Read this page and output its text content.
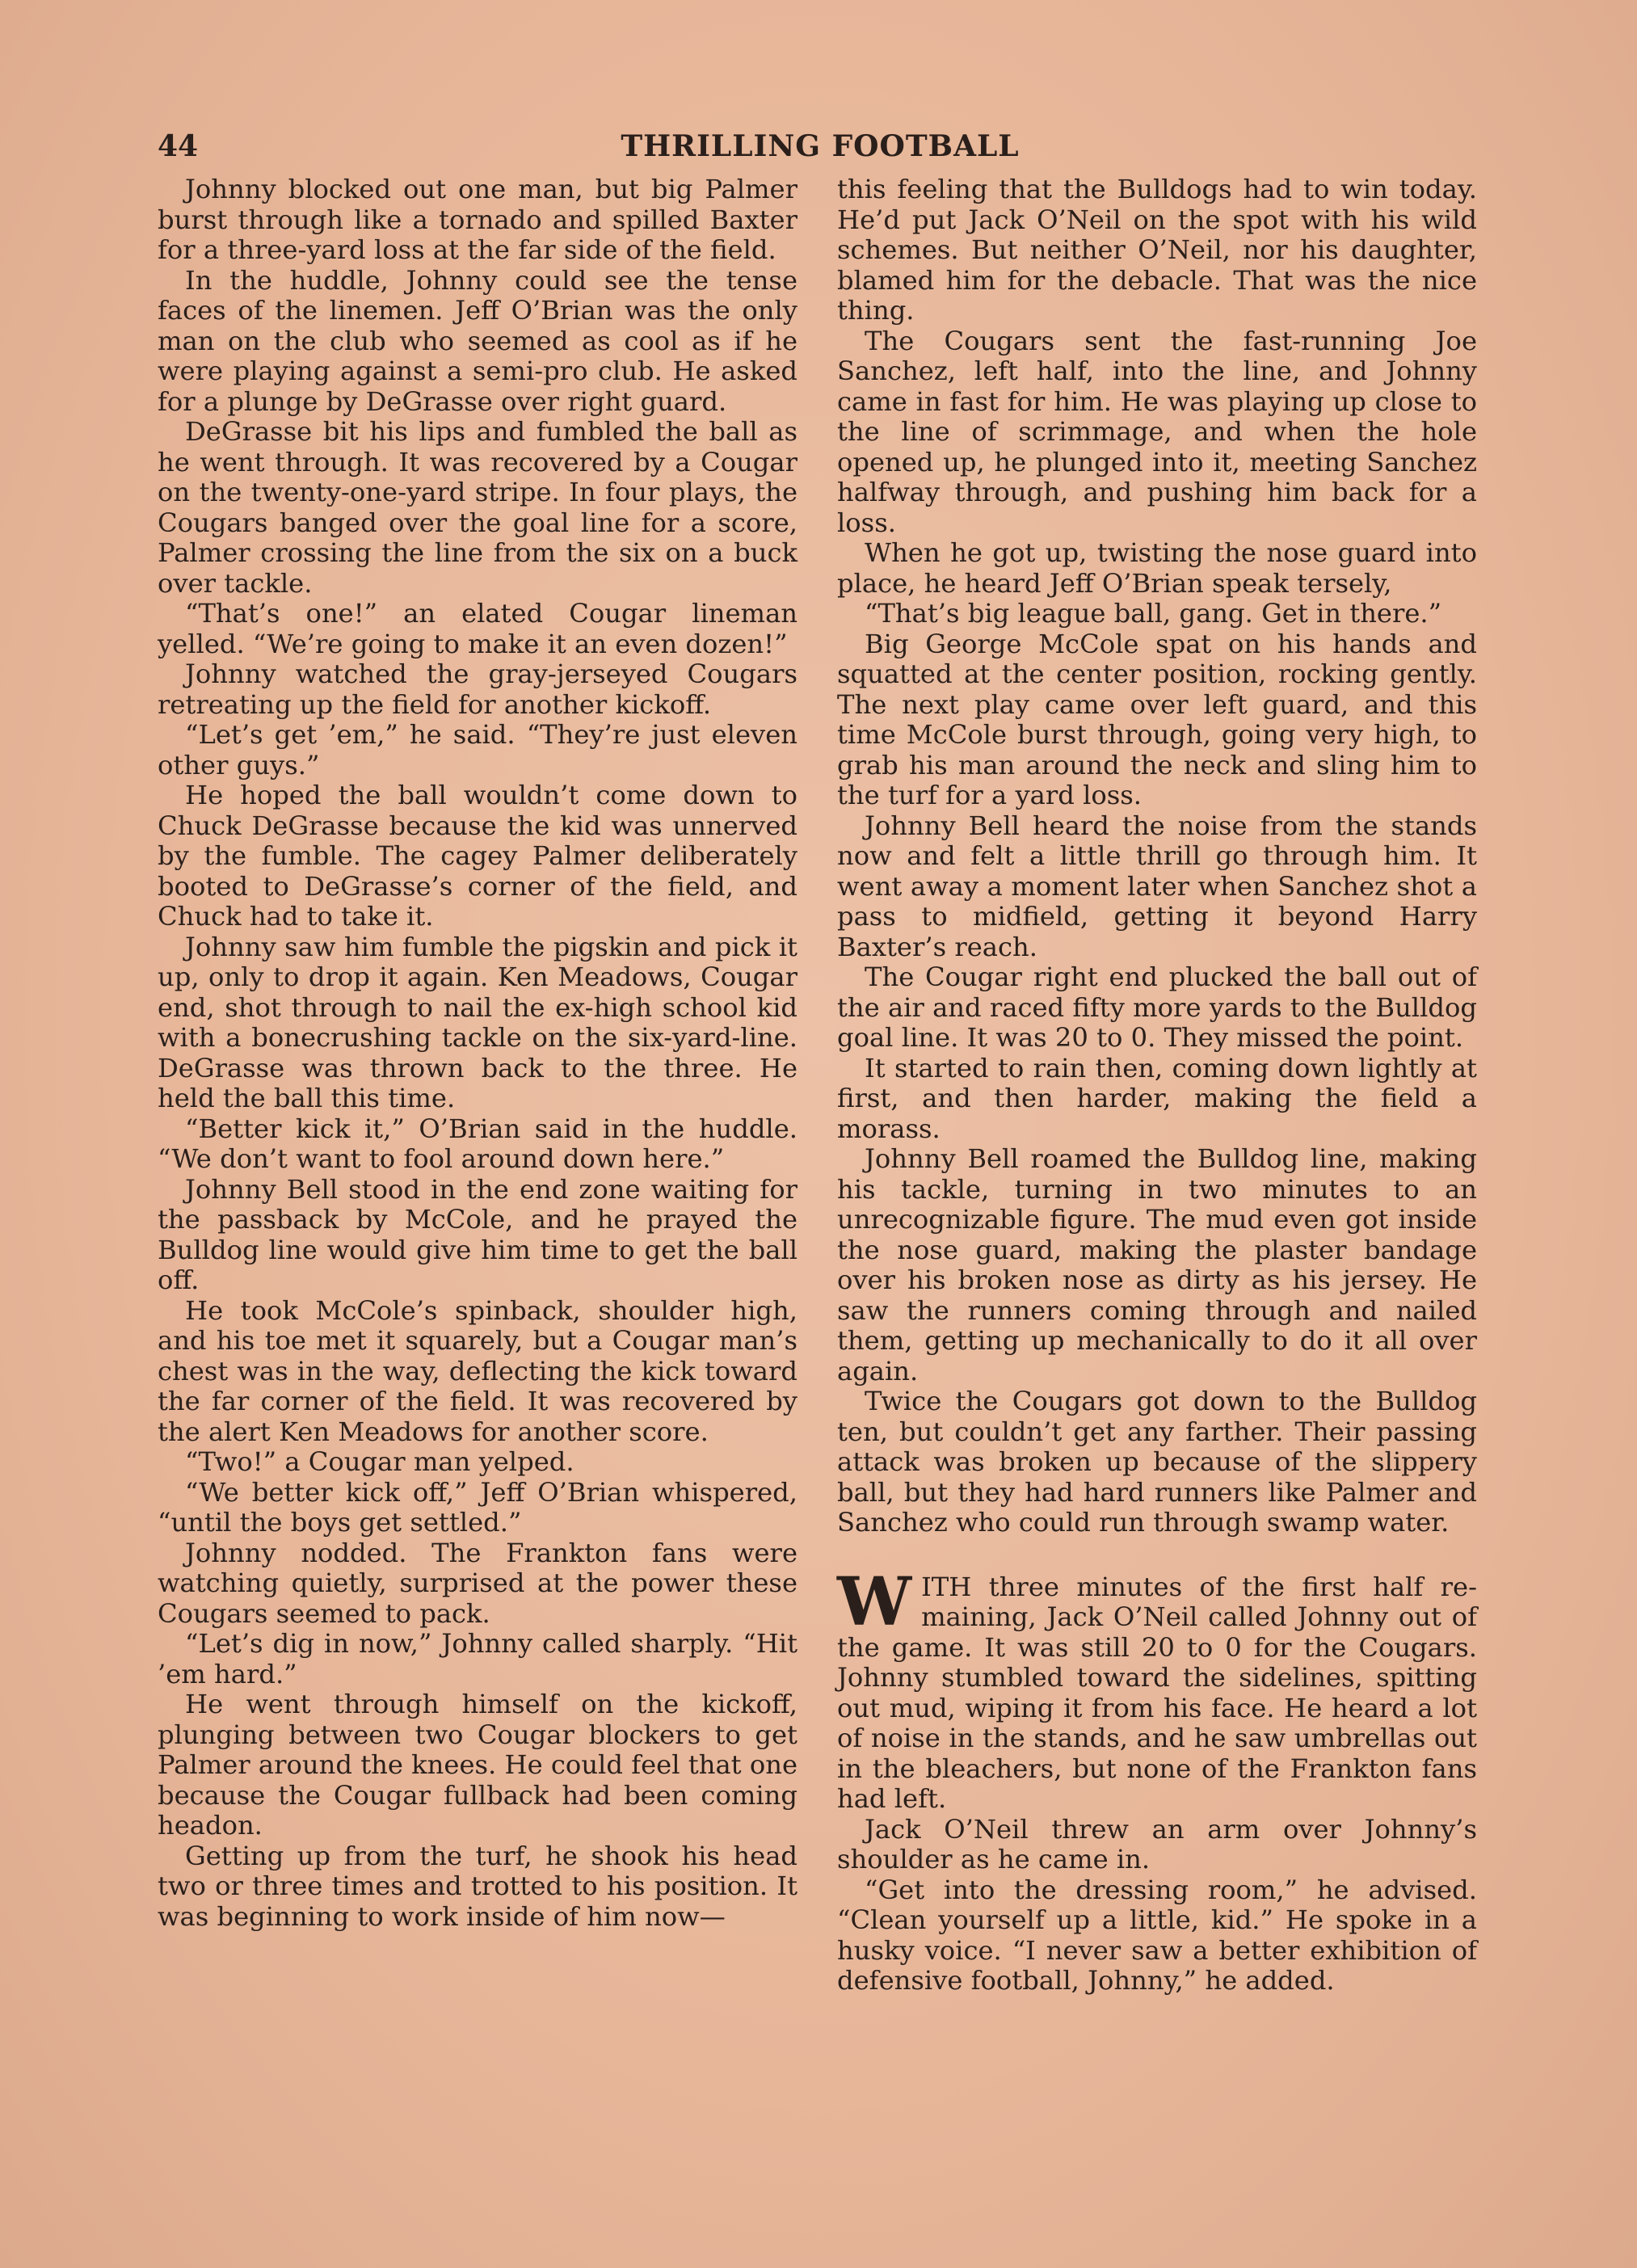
44	THRILLING FOOTBALL

Johnny blocked out one man, but big Palmer burst through like a tornado and spilled Baxter for a three-yard loss at the far side of the field.

In the huddle, Johnny could see the tense faces of the linemen. Jeff O’Brian was the only man on the club who seemed as cool as if he were playing against a semi-pro club. He asked for a plunge by DeGrasse over right guard.

DeGrasse bit his lips and fumbled the ball as he went through. It was recovered by a Cougar on the twenty-one-yard stripe. In four plays, the Cougars banged over the goal line for a score, Palmer crossing the line from the six on a buck over tackle.

“That’s one!” an elated Cougar lineman yelled. “We’re going to make it an even dozen!”

Johnny watched the gray-jerseyed Cougars retreating up the field for another kickoff.

“Let’s get ’em,” he said. “They’re just eleven other guys.”

He hoped the ball wouldn’t come down to Chuck DeGrasse because the kid was unnerved by the fumble. The cagey Palmer deliberately booted to DeGrasse’s corner of the field, and Chuck had to take it.

Johnny saw him fumble the pigskin and pick it up, only to drop it again. Ken Meadows, Cougar end, shot through to nail the ex-high school kid with a bonecrushing tackle on the six-yard-line. DeGrasse was thrown back to the three. He held the ball this time.

“Better kick it,” O’Brian said in the huddle. “We don’t want to fool around down here.”

Johnny Bell stood in the end zone waiting for the passback by McCole, and he prayed the Bulldog line would give him time to get the ball off.

He took McCole’s spinback, shoulder high, and his toe met it squarely, but a Cougar man’s chest was in the way, deflecting the kick toward the far corner of the field. It was recovered by the alert Ken Meadows for another score.

“Two!” a Cougar man yelped.

“We better kick off,” Jeff O’Brian whispered, “until the boys get settled.”

Johnny nodded. The Frankton fans were watching quietly, surprised at the power these Cougars seemed to pack.

“Let’s dig in now,” Johnny called sharply. “Hit ’em hard.”

He went through himself on the kickoff, plunging between two Cougar blockers to get Palmer around the knees. He could feel that one because the Cougar fullback had been coming headon.

Getting up from the turf, he shook his head two or three times and trotted to his position. It was beginning to work inside of him now—

this feeling that the Bulldogs had to win today. He’d put Jack O’Neil on the spot with his wild schemes. But neither O’Neil, nor his daughter, blamed him for the debacle. That was the nice thing.

The Cougars sent the fast-running Joe Sanchez, left half, into the line, and Johnny came in fast for him. He was playing up close to the line of scrimmage, and when the hole opened up, he plunged into it, meeting Sanchez halfway through, and pushing him back for a loss.

When he got up, twisting the nose guard into place, he heard Jeff O’Brian speak tersely,

“That’s big league ball, gang. Get in there.”

Big George McCole spat on his hands and squatted at the center position, rocking gently. The next play came over left guard, and this time McCole burst through, going very high, to grab his man around the neck and sling him to the turf for a yard loss.

Johnny Bell heard the noise from the stands now and felt a little thrill go through him. It went away a moment later when Sanchez shot a pass to midfield, getting it beyond Harry Baxter’s reach.

The Cougar right end plucked the ball out of the air and raced fifty more yards to the Bulldog goal line. It was 20 to 0. They missed the point.

It started to rain then, coming down lightly at first, and then harder, making the field a morass.

Johnny Bell roamed the Bulldog line, making his tackle, turning in two minutes to an unrecognizable figure. The mud even got inside the nose guard, making the plaster bandage over his broken nose as dirty as his jersey. He saw the runners coming through and nailed them, getting up mechanically to do it all over again.

Twice the Cougars got down to the Bulldog ten, but couldn’t get any farther. Their passing attack was broken up because of the slippery ball, but they had hard runners like Palmer and Sanchez who could run through swamp water.

WITH three minutes of the first half remaining, Jack O’Neil called Johnny out of the game. It was still 20 to 0 for the Cougars. Johnny stumbled toward the sidelines, spitting out mud, wiping it from his face. He heard a lot of noise in the stands, and he saw umbrellas out in the bleachers, but none of the Frankton fans had left.

Jack O’Neil threw an arm over Johnny’s shoulder as he came in.

“Get into the dressing room,” he advised. “Clean yourself up a little, kid.” He spoke in a husky voice. “I never saw a better exhibition of defensive football, Johnny,” he added.
